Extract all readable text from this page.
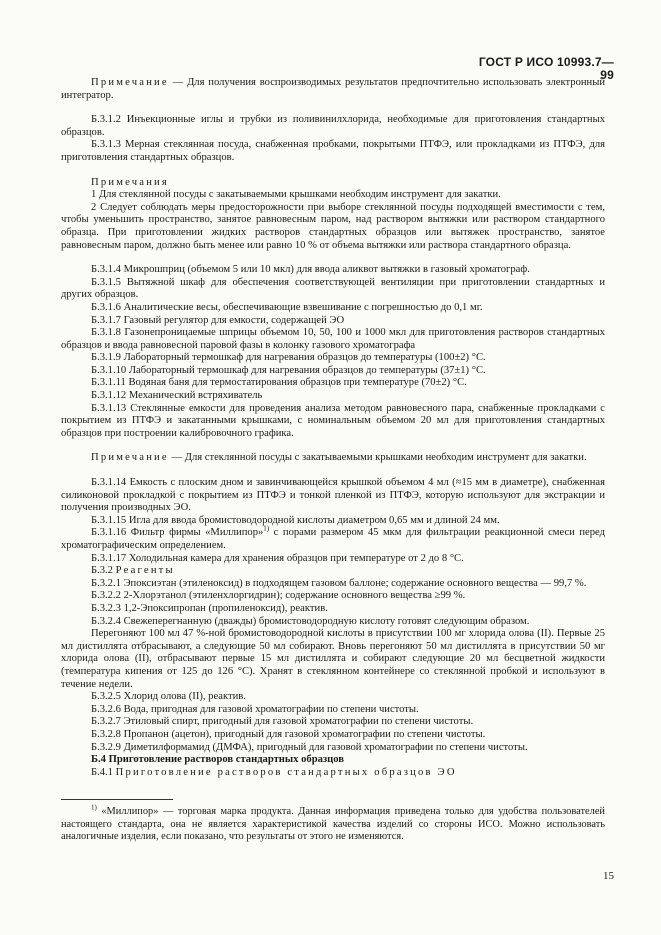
ГОСТ Р ИСО 10993.7—99

Примечание — Для получения воспроизводимых результатов предпочтительно использовать электронный интегратор.

Б.3.1.2 Инъекционные иглы и трубки из поливинилхлорида, необходимые для приготовления стандартных образцов.

Б.3.1.3 Мерная стеклянная посуда, снабженная пробками, покрытыми ПТФЭ, или прокладками из ПТФЭ, для приготовления стандартных образцов.

Примечания

1 Для стеклянной посуды с закатываемыми крышками необходим инструмент для закатки.

2 Следует соблюдать меры предосторожности при выборе стеклянной посуды подходящей вместимости с тем, чтобы уменьшить пространство, занятое равновесным паром, над раствором вытяжки или раствором стандартного образца. При приготовлении жидких растворов стандартных образцов или вытяжек пространство, занятое равновесным паром, должно быть менее или равно 10 % от объема вытяжки или раствора стандартного образца.

Б.3.1.4 Микрошприц (объемом 5 или 10 мкл) для ввода аликвот вытяжки в газовый хроматограф.

Б.3.1.5 Вытяжной шкаф для обеспечения соответствующей вентиляции при приготовлении стандартных и других образцов.

Б.3.1.6 Аналитические весы, обеспечивающие взвешивание с погрешностью до 0,1 мг.

Б.3.1.7 Газовый регулятор для емкости, содержащей ЭО

Б.3.1.8 Газонепроницаемые шприцы объемом 10, 50, 100 и 1000 мкл для приготовления растворов стандартных образцов и ввода равновесной паровой фазы в колонку газового хроматографа

Б.3.1.9 Лабораторный термошкаф для нагревания образцов до температуры (100±2) °С.

Б.3.1.10 Лабораторный термошкаф для нагревания образцов до температуры (37±1) °С.

Б.3.1.11 Водяная баня для термостатирования образцов при температуре (70±2) °С.

Б.3.1.12 Механический встряхиватель

Б.3.1.13 Стеклянные емкости для проведения анализа методом равновесного пара, снабженные прокладками с покрытием из ПТФЭ и закатанными крышками, с номинальным объемом 20 мл для приготовления стандартных образцов при построении калибровочного графика.

Примечание — Для стеклянной посуды с закатываемыми крышками необходим инструмент для закатки.

Б.3.1.14 Емкость с плоским дном и завинчивающейся крышкой объемом 4 мл (≈15 мм в диаметре), снабженная силиконовой прокладкой с покрытием из ПТФЭ и тонкой пленкой из ПТФЭ, которую используют для экстракции и получения производных ЭО.

Б.3.1.15 Игла для ввода бромистоводородной кислоты диаметром 0,65 мм и длиной 24 мм.

Б.3.1.16 Фильтр фирмы «Миллипор»$^{1)}$ с порами размером 45 мкм для фильтрации реакционной смеси перед хроматографическим определением.

Б.3.1.17 Холодильная камера для хранения образцов при температуре от 2 до 8 °С.

Б.3.2 Реагенты

Б.3.2.1 Эпоксиэтан (этиленоксид) в подходящем газовом баллоне; содержание основного вещества — 99,7 %.

Б.3.2.2 2-Хлорэтанол (этиленхлоргидрин); содержание основного вещества ≥99 %.

Б.3.2.3 1,2-Эпоксипропан (пропиленоксид), реактив.

Б.3.2.4 Свежеперегнанную (дважды) бромистоводородную кислоту готовят следующим образом.

Перегоняют 100 мл 47 %-ной бромистоводородной кислоты в присутствии 100 мг хлорида олова (II). Первые 25 мл дистиллята отбрасывают, а следующие 50 мл собирают. Вновь перегоняют 50 мл дистиллята в присутствии 50 мг хлорида олова (II), отбрасывают первые 15 мл дистиллята и собирают следующие 20 мл бесцветной жидкости (температура кипения от 125 до 126 °С). Хранят в стеклянном контейнере со стеклянной пробкой и используют в течение недели.

Б.3.2.5 Хлорид олова (II), реактив.

Б.3.2.6 Вода, пригодная для газовой хроматографии по степени чистоты.

Б.3.2.7 Этиловый спирт, пригодный для газовой хроматографии по степени чистоты.

Б.3.2.8 Пропанон (ацетон), пригодный для газовой хроматографии по степени чистоты.

Б.3.2.9 Диметилформамид (ДМФА), пригодный для газовой хроматографии по степени чистоты.

Б.4 Приготовление растворов стандартных образцов

Б.4.1 Приготовление растворов стандартных образцов ЭО

$^{1)}$ «Миллипор» — торговая марка продукта. Данная информация приведена только для удобства пользователей настоящего стандарта, она не является характеристикой качества изделий со стороны ИСО. Можно использовать аналогичные изделия, если показано, что результаты от этого не изменяются.

15
